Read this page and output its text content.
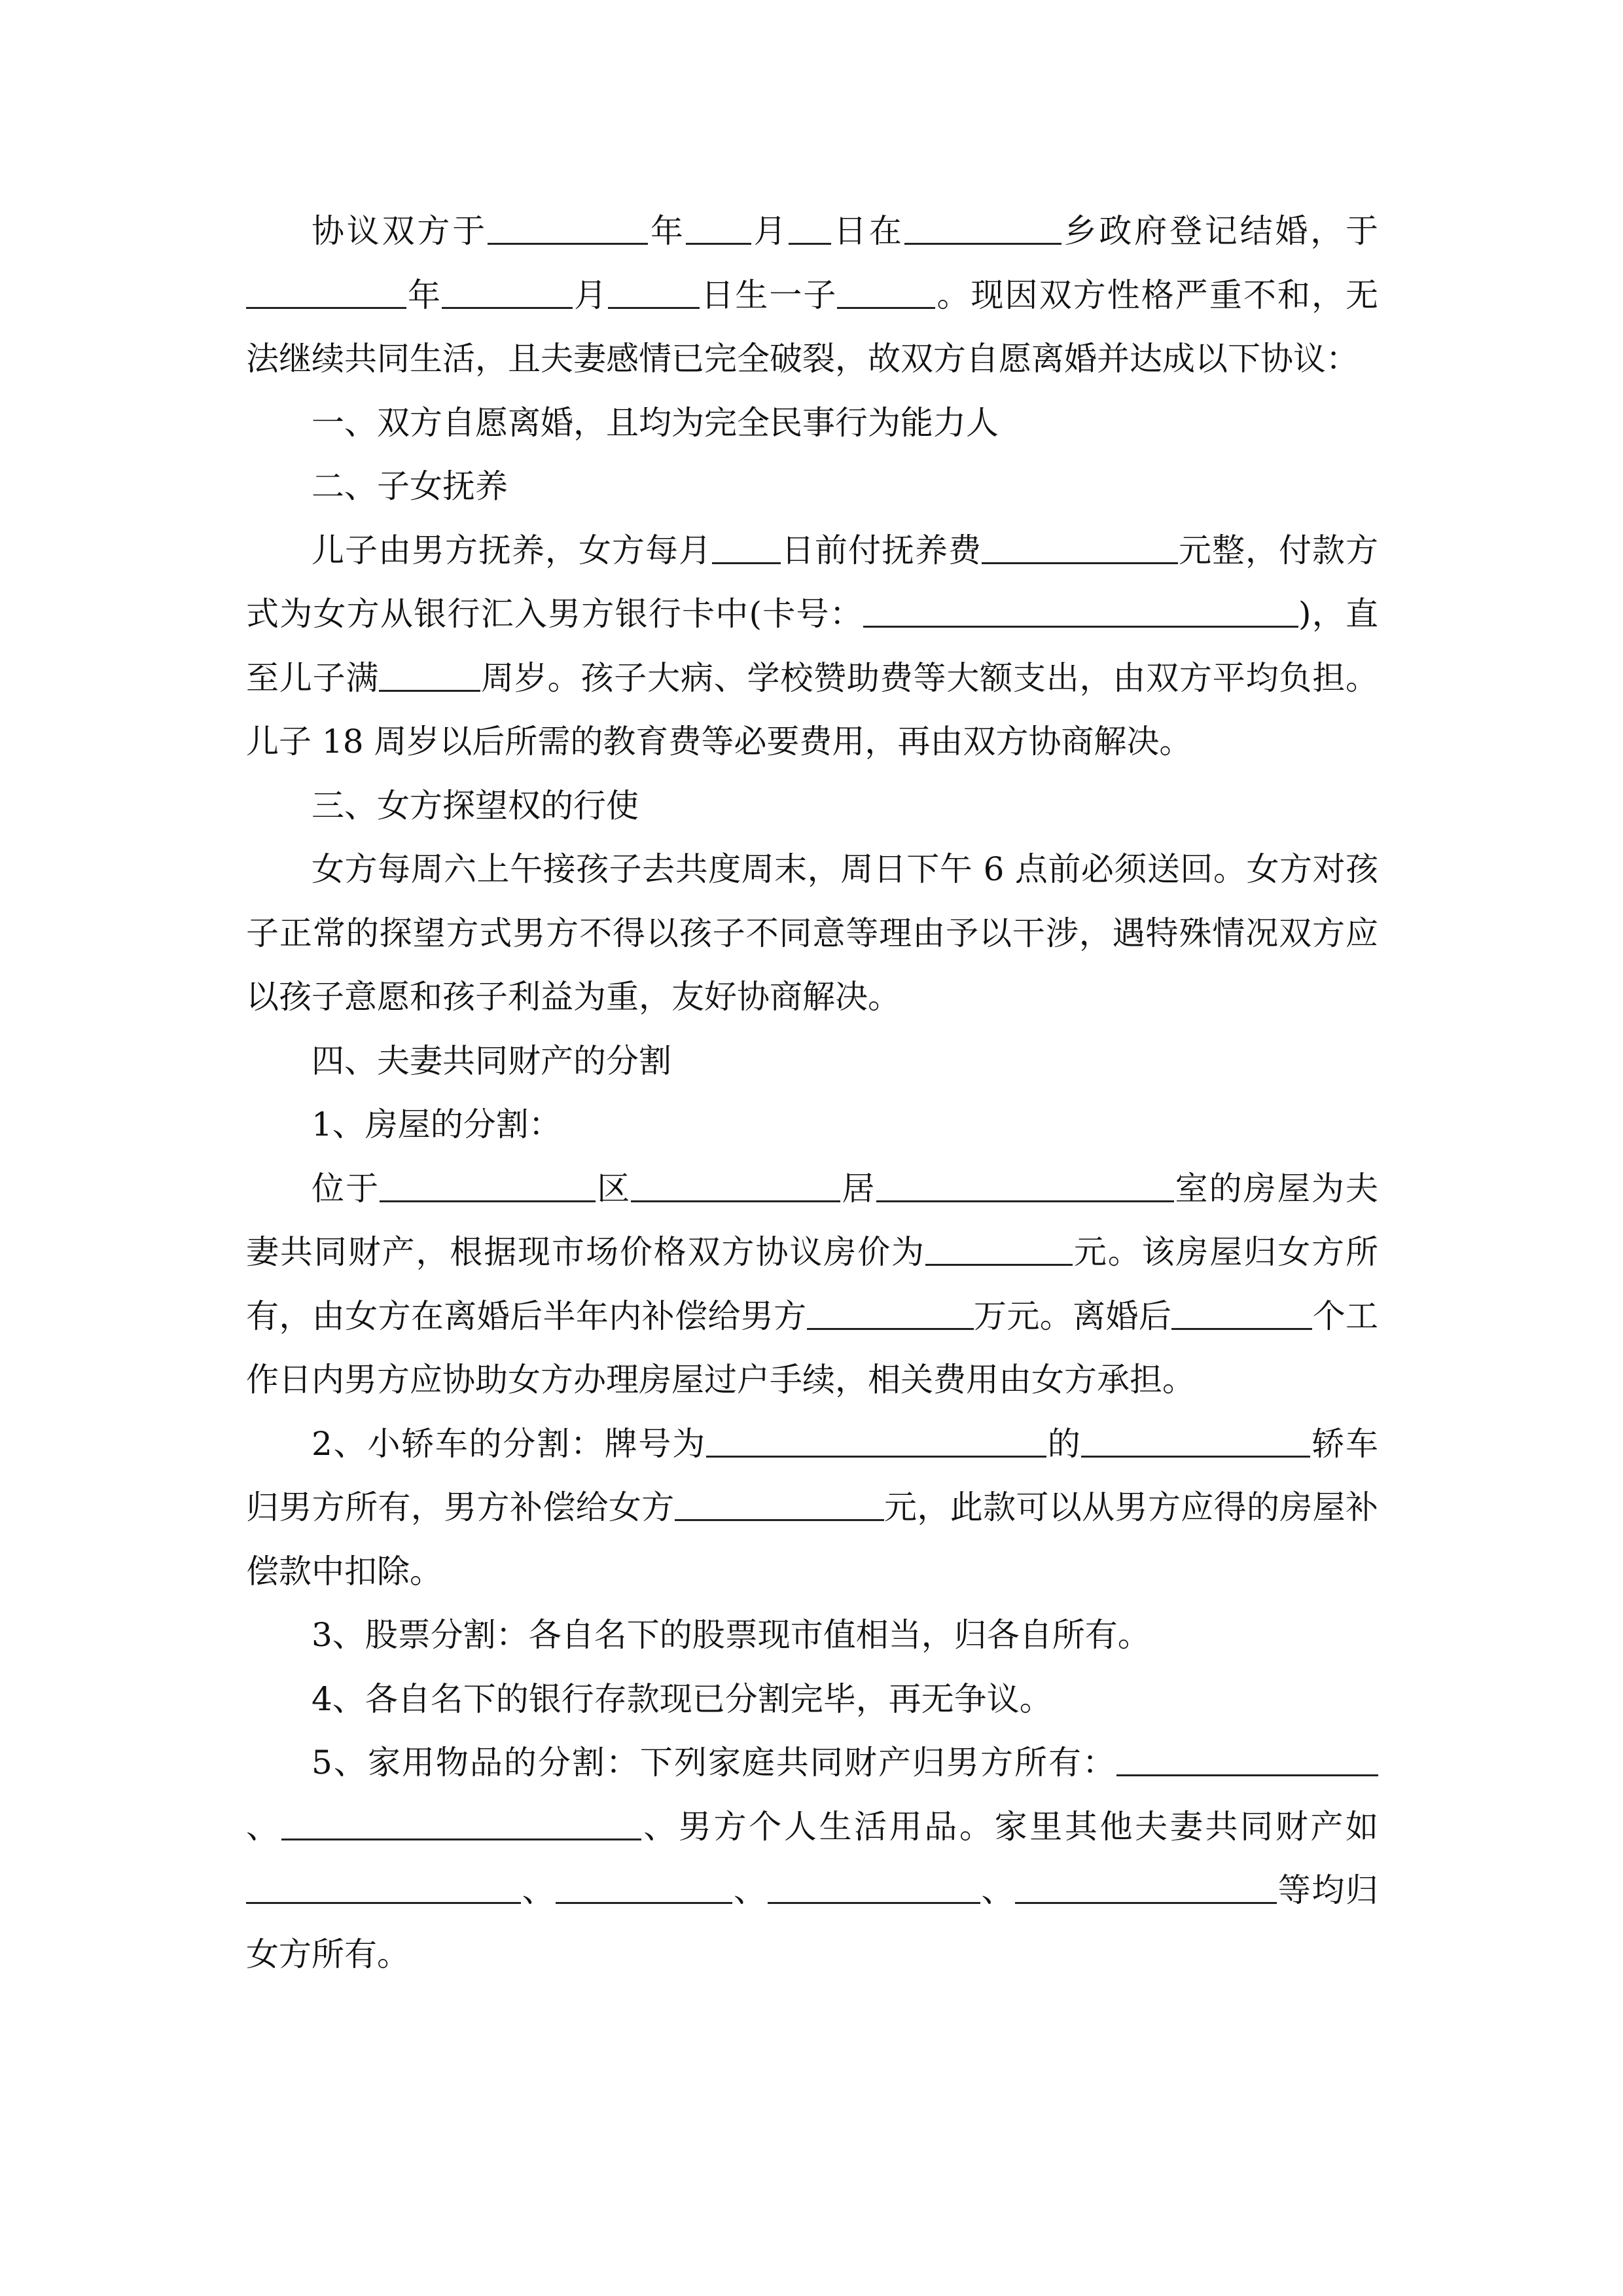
协议双方于	年 月 日在	乡政府登记结婚，于年	月	日生一子	。现因双方性格严重不和，无法继续共同生活，且夫妻感情已完全破裂，故双方自愿离婚并达成以下协议：

一、双方自愿离婚，且均为完全民事行为能力人

二、子女抚养

儿子由男方抚养，女方每月 日前付抚养费	元整，付款方式为女方从银行汇入男方银行卡中(卡号：	)，直至儿子满	周岁。孩子大病、学校赞助费等大额支出，由双方平均负担。儿子 18 周岁以后所需的教育费等必要费用，再由双方协商解决。

三、女方探望权的行使

女方每周六上午接孩子去共度周末，周日下午 6 点前必须送回。女方对孩子正常的探望方式男方不得以孩子不同意等理由予以干涉，遇特殊情况双方应以孩子意愿和孩子利益为重，友好协商解决。

四、夫妻共同财产的分割

1、房屋的分割：

位于	区	居	室的房屋为夫妻共同财产，根据现市场价格双方协议房价为	元。该房屋归女方所有，由女方在离婚后半年内补偿给男方	万元。离婚后	个工作日内男方应协助女方办理房屋过户手续，相关费用由女方承担。

2、小轿车的分割：牌号为	的	轿车归男方所有，男方补偿给女方	元，此款可以从男方应得的房屋补偿款中扣除。

3、股票分割：各自名下的股票现市值相当，归各自所有。

4、各自名下的银行存款现已分割完毕，再无争议。

5、家用物品的分割：下列家庭共同财产归男方所有：、	、男方个人生活用品。家里其他夫妻共同财产如、	、	、	等均归女方所有。
